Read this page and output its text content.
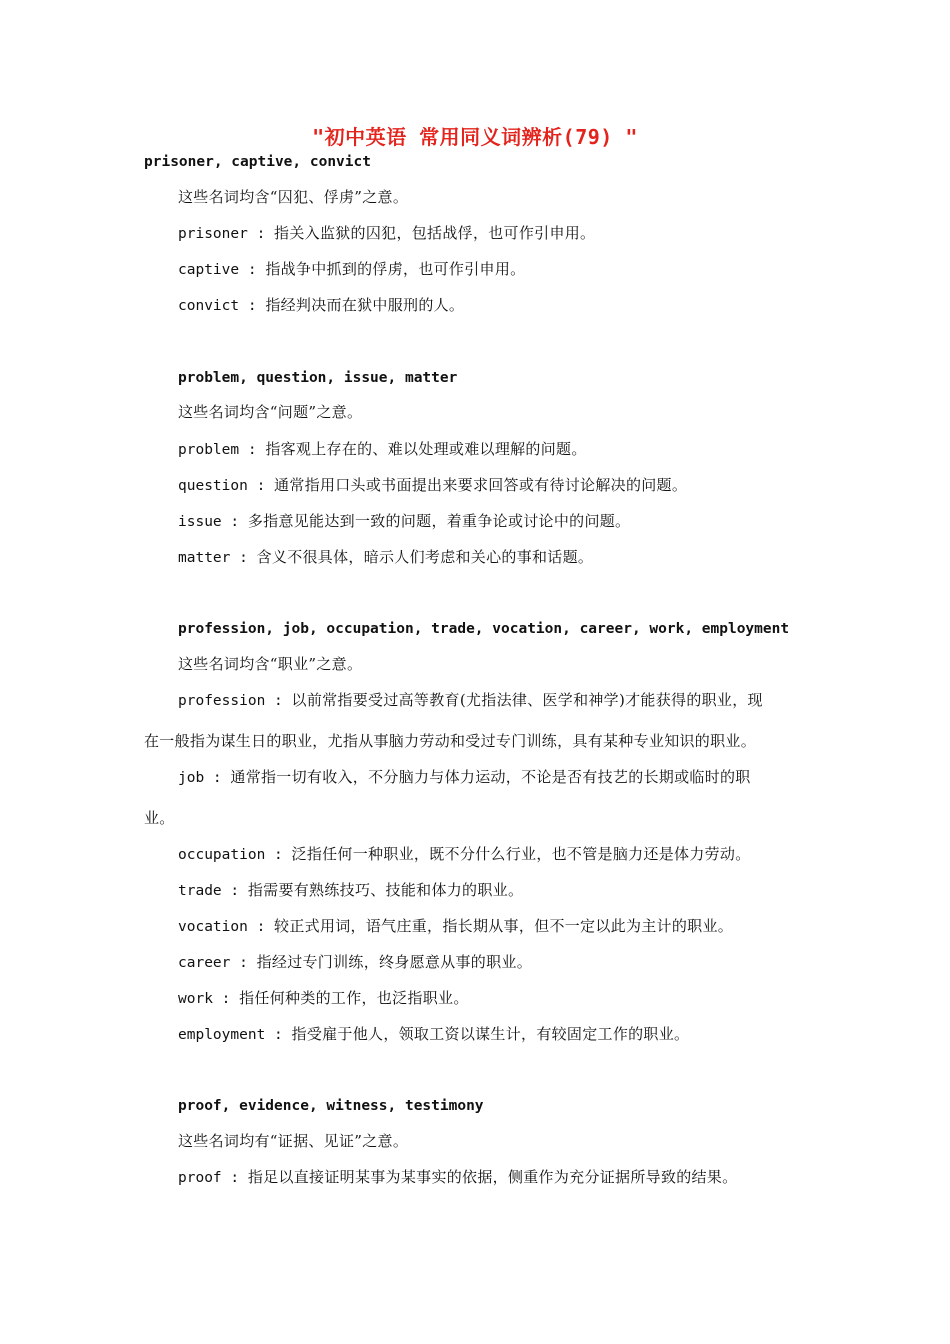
"初中英语 常用同义词辨析(79) "
prisoner, captive, convict
这些名词均含“囚犯、俘虏”之意。
prisoner : 指关入监狱的囚犯，包括战俘，也可作引申用。
captive : 指战争中抓到的俘虏，也可作引申用。
convict : 指经判决而在狱中服刑的人。
problem, question, issue, matter
这些名词均含“问题”之意。
problem : 指客观上存在的、难以处理或难以理解的问题。
question : 通常指用口头或书面提出来要求回答或有待讨论解决的问题。
issue : 多指意见能达到一致的问题，着重争论或讨论中的问题。
matter : 含义不很具体，暗示人们考虑和关心的事和话题。
profession, job, occupation, trade, vocation, career, work, employment
这些名词均含“职业”之意。
profession : 以前常指要受过高等教育(尤指法律、医学和神学)才能获得的职业，现
在一般指为谋生日的职业，尤指从事脑力劳动和受过专门训练，具有某种专业知识的职业。
job : 通常指一切有收入，不分脑力与体力运动，不论是否有技艺的长期或临时的职
业。
occupation : 泛指任何一种职业，既不分什么行业，也不管是脑力还是体力劳动。
trade : 指需要有熟练技巧、技能和体力的职业。
vocation : 较正式用词，语气庄重，指长期从事，但不一定以此为主计的职业。
career : 指经过专门训练，终身愿意从事的职业。
work : 指任何种类的工作，也泛指职业。
employment : 指受雇于他人，领取工资以谋生计，有较固定工作的职业。
proof, evidence, witness, testimony
这些名词均有“证据、见证”之意。
proof : 指足以直接证明某事为某事实的依据，侧重作为充分证据所导致的结果。
